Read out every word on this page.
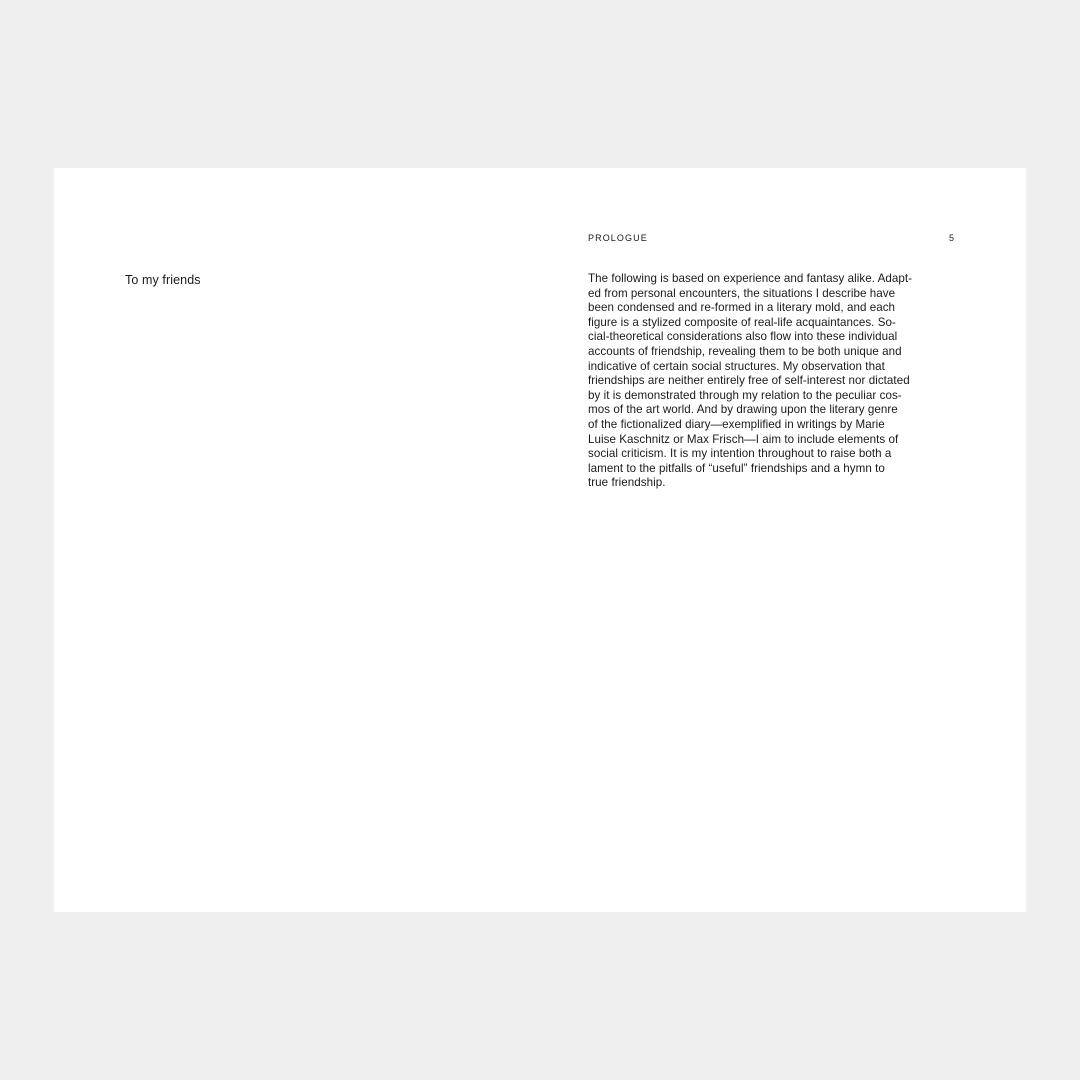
To my friends
PROLOGUE	5
The following is based on experience and fantasy alike. Adapt-
ed from personal encounters, the situations I describe have
been condensed and re-formed in a literary mold, and each
figure is a stylized composite of real-life acquaintances. So-
cial-theoretical considerations also flow into these individual
accounts of friendship, revealing them to be both unique and
indicative of certain social structures. My observation that
friendships are neither entirely free of self-interest nor dictated
by it is demonstrated through my relation to the peculiar cos-
mos of the art world. And by drawing upon the literary genre
of the fictionalized diary—exemplified in writings by Marie
Luise Kaschnitz or Max Frisch—I aim to include elements of
social criticism. It is my intention throughout to raise both a
lament to the pitfalls of “useful” friendships and a hymn to
true friendship.
